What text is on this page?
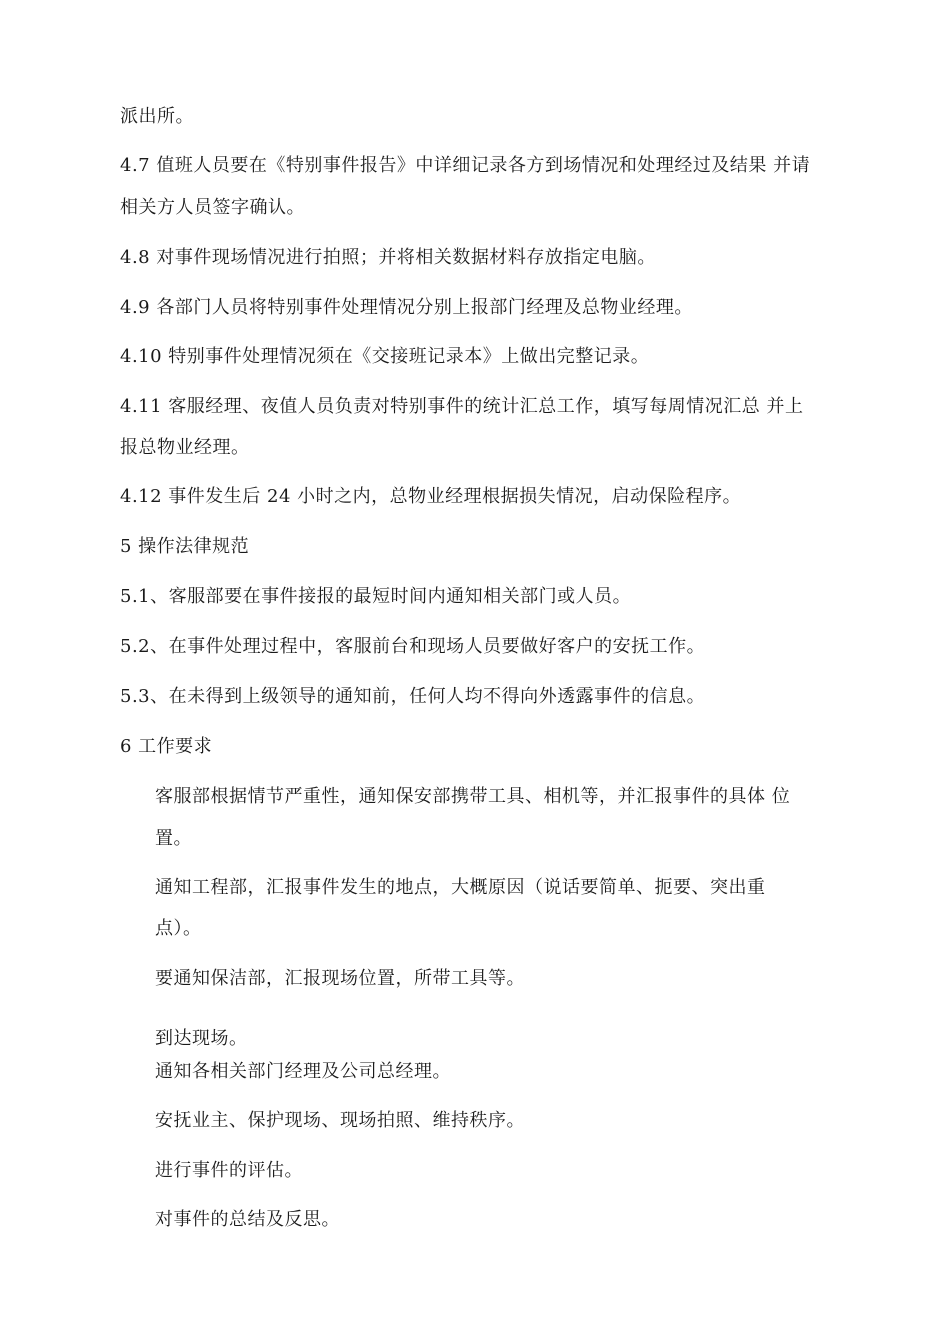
派出所。
4.7 值班人员要在《特别事件报告》中详细记录各方到场情况和处理经过及结果 并请
相关方人员签字确认。
4.8 对事件现场情况进行拍照；并将相关数据材料存放指定电脑。
4.9 各部门人员将特别事件处理情况分别上报部门经理及总物业经理。
4.10 特别事件处理情况须在《交接班记录本》上做出完整记录。
4.11 客服经理、夜值人员负责对特别事件的统计汇总工作，填写每周情况汇总 并上
报总物业经理。
4.12 事件发生后 24 小时之内，总物业经理根据损失情况，启动保险程序。
5 操作法律规范
5.1、客服部要在事件接报的最短时间内通知相关部门或人员。
5.2、在事件处理过程中，客服前台和现场人员要做好客户的安抚工作。
5.3、在未得到上级领导的通知前，任何人均不得向外透露事件的信息。
6 工作要求
客服部根据情节严重性，通知保安部携带工具、相机等，并汇报事件的具体 位
置。
通知工程部，汇报事件发生的地点，大概原因（说话要简单、扼要、突出重
点）。
要通知保洁部，汇报现场位置，所带工具等。
到达现场。
通知各相关部门经理及公司总经理。
安抚业主、保护现场、现场拍照、维持秩序。
进行事件的评估。
对事件的总结及反思。
